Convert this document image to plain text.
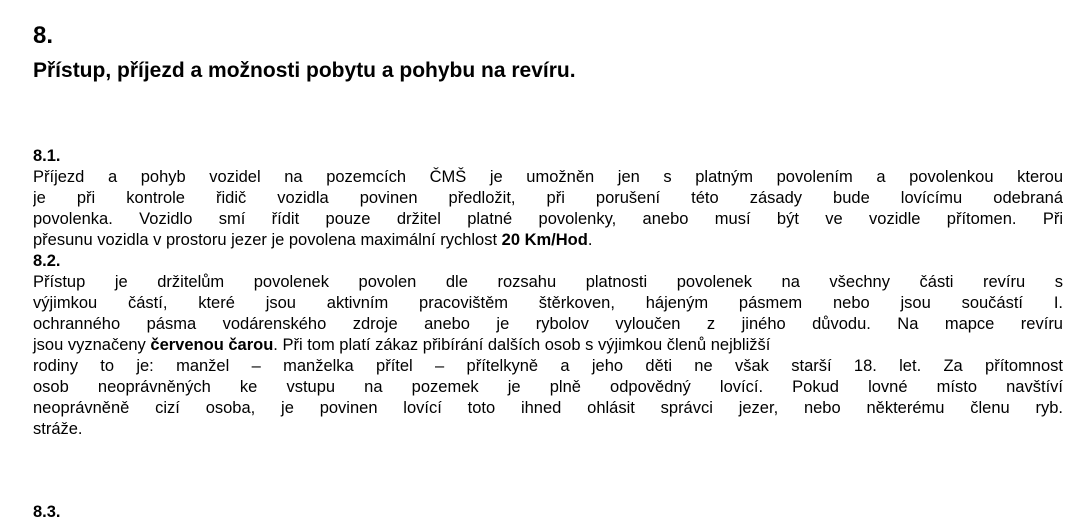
8.
Přístup, příjezd a možnosti pobytu a pohybu na revíru.
8.1.
Příjezd a pohyb vozidel na pozemcích ČMŠ je umožněn jen s platným povolením a povolenkou kterou
je při kontrole řidič vozidla povinen předložit, při porušení této zásady bude lovícímu odebraná
povolenka. Vozidlo smí řídit pouze držitel platné povolenky, anebo musí být ve vozidle přítomen. Při
přesunu vozidla v prostoru jezer je povolena maximální rychlost 20 Km/Hod.
8.2.
Přístup je držitelům povolenek povolen dle rozsahu platnosti povolenek na všechny části revíru s
výjimkou částí, které jsou aktivním pracovištěm štěrkoven, hájeným pásmem nebo jsou součástí I.
ochranného pásma vodárenského zdroje anebo je rybolov vyloučen z jiného důvodu. Na mapce revíru
jsou vyznačeny červenou čarou. Při tom platí zákaz přibírání dalších osob s výjimkou členů nejbližší
rodiny to je: manžel – manželka přítel – přítelkyně a jeho děti ne však starší 18. let. Za přítomnost
osob neoprávněných ke vstupu na pozemek je plně odpovědný lovící. Pokud lovné místo navštíví
neoprávněně cizí osoba, je povinen lovící toto ihned ohlásit správci jezer, nebo některému členu ryb.
stráže.
8.3.
